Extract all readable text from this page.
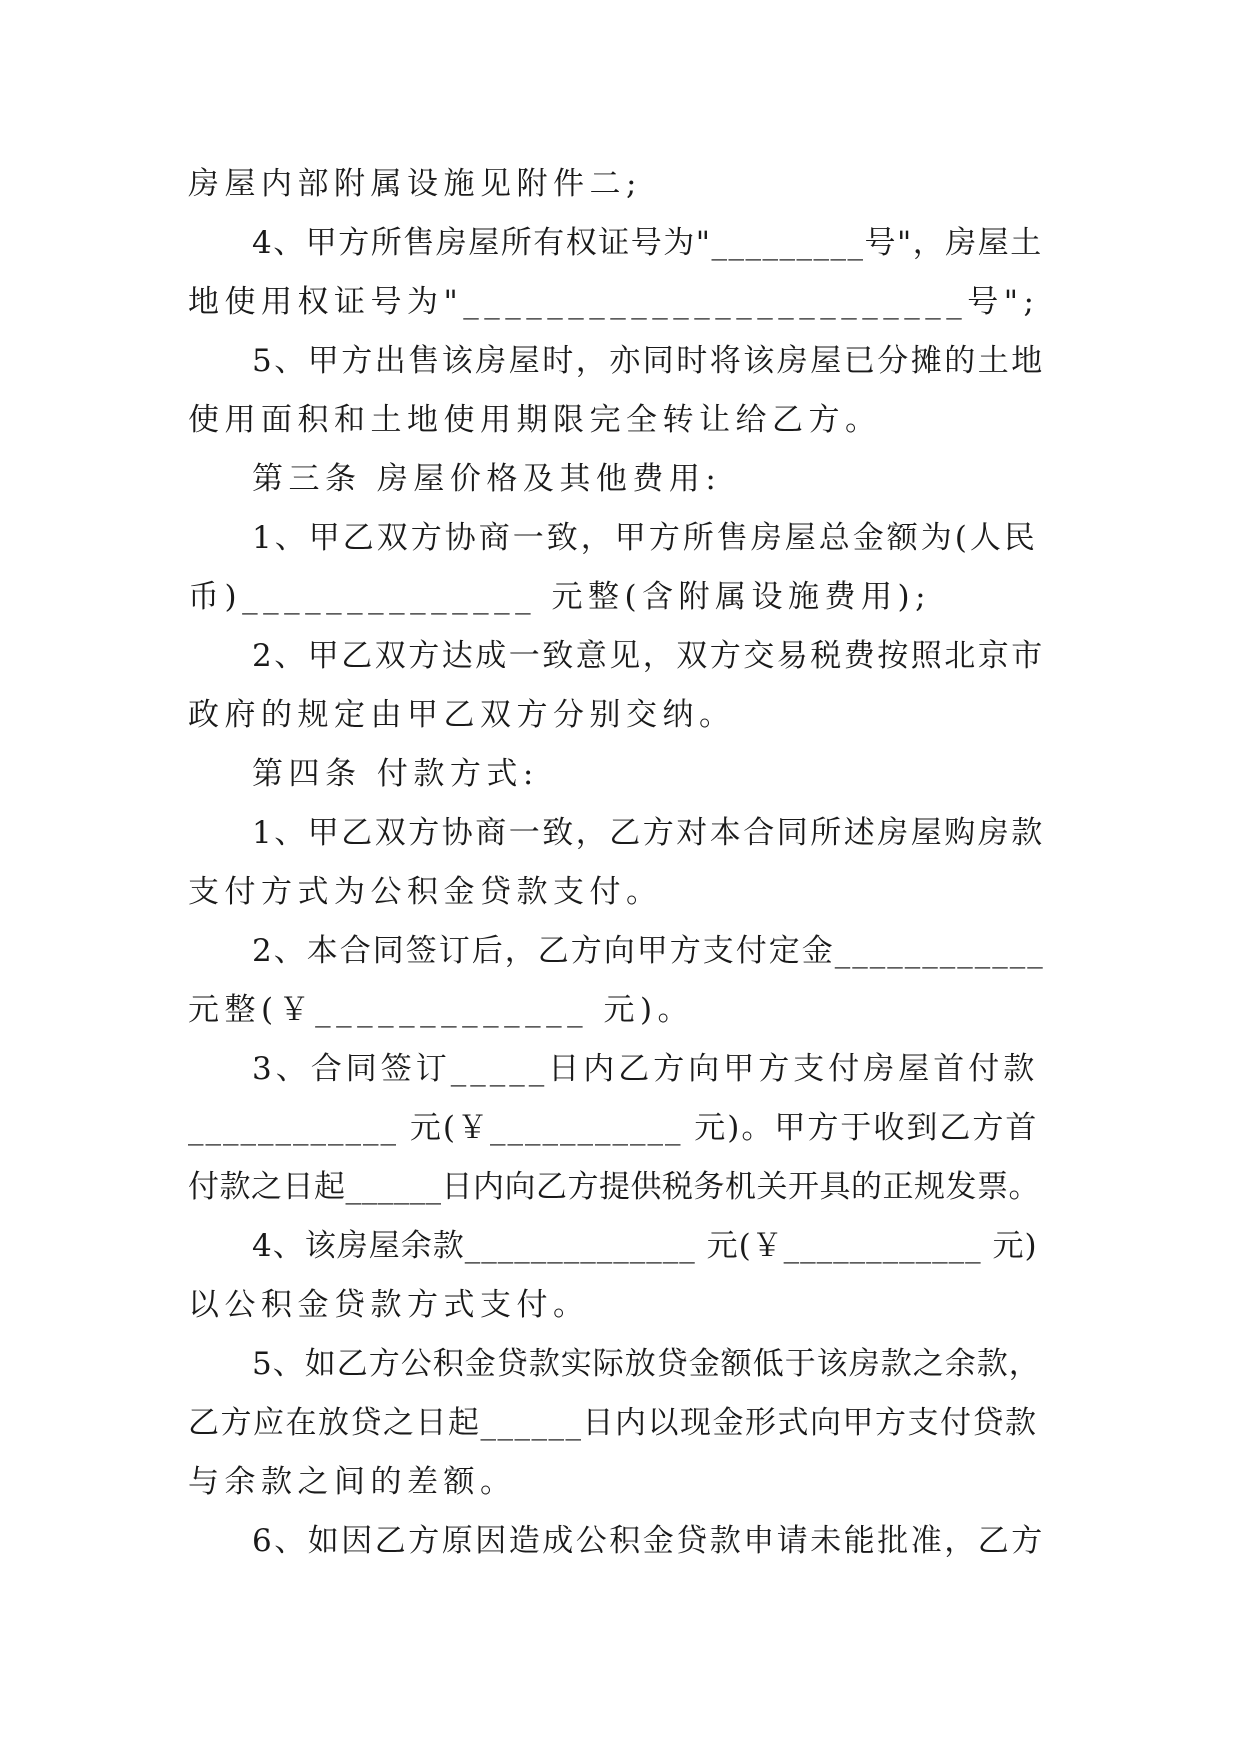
房屋内部附属设施见附件二;
4、甲方所售房屋所有权证号为"_________号"，房屋土
地使用权证号为"________________________号";
5、甲方出售该房屋时，亦同时将该房屋已分摊的土地
使用面积和土地使用期限完全转让给乙方。
第三条 房屋价格及其他费用:
1、甲乙双方协商一致，甲方所售房屋总金额为(人民
币)______________ 元整(含附属设施费用);
2、甲乙双方达成一致意见，双方交易税费按照北京市
政府的规定由甲乙双方分别交纳。
第四条 付款方式:
1、甲乙双方协商一致，乙方对本合同所述房屋购房款
支付方式为公积金贷款支付。
2、本合同签订后，乙方向甲方支付定金____________
元整(￥_____________ 元)。
3、合同签订_____日内乙方向甲方支付房屋首付款
____________ 元(￥___________ 元)。甲方于收到乙方首
付款之日起______日内向乙方提供税务机关开具的正规发票。
4、该房屋余款______________ 元(￥____________ 元)
以公积金贷款方式支付。
5、如乙方公积金贷款实际放贷金额低于该房款之余款，
乙方应在放贷之日起______日内以现金形式向甲方支付贷款
与余款之间的差额。
6、如因乙方原因造成公积金贷款申请未能批准，乙方
